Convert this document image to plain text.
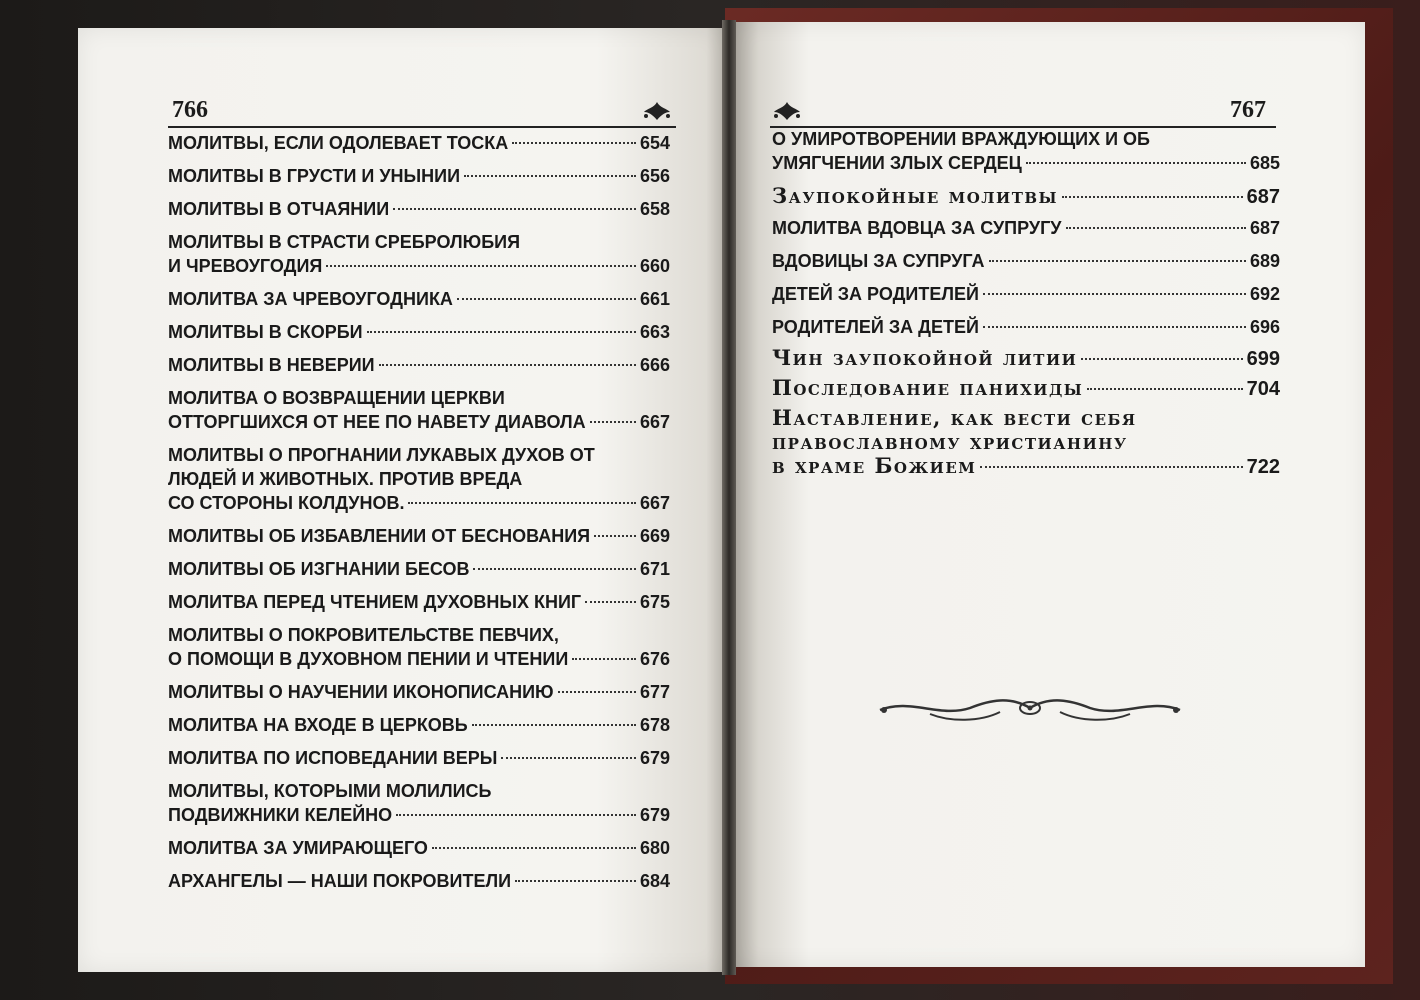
766	767
МОЛИТВЫ, ЕСЛИ ОДОЛЕВАЕТ ТОСКА	654
МОЛИТВЫ В ГРУСТИ И УНЫНИИ	656
МОЛИТВЫ В ОТЧАЯНИИ	658
МОЛИТВЫ В СТРАСТИ СРЕБРОЛЮБИЯ
И ЧРЕВОУГОДИЯ	660
МОЛИТВА ЗА ЧРЕВОУГОДНИКА	661
МОЛИТВЫ В СКОРБИ	663
МОЛИТВЫ В НЕВЕРИИ	666
МОЛИТВА О ВОЗВРАЩЕНИИ ЦЕРКВИ
ОТТОРГШИХСЯ ОТ НЕЕ ПО НАВЕТУ ДИАВОЛА	667
МОЛИТВЫ О ПРОГНАНИИ ЛУКАВЫХ ДУХОВ ОТ
ЛЮДЕЙ И ЖИВОТНЫХ. ПРОТИВ ВРЕДА
СО СТОРОНЫ КОЛДУНОВ.	667
МОЛИТВЫ ОБ ИЗБАВЛЕНИИ ОТ БЕСНОВАНИЯ	669
МОЛИТВЫ ОБ ИЗГНАНИИ БЕСОВ	671
МОЛИТВА ПЕРЕД ЧТЕНИЕМ ДУХОВНЫХ КНИГ	675
МОЛИТВЫ О ПОКРОВИТЕЛЬСТВЕ ПЕВЧИХ,
О ПОМОЩИ В ДУХОВНОМ ПЕНИИ И ЧТЕНИИ	676
МОЛИТВЫ О НАУЧЕНИИ ИКОНОПИСАНИЮ	677
МОЛИТВА НА ВХОДЕ В ЦЕРКОВЬ	678
МОЛИТВА ПО ИСПОВЕДАНИИ ВЕРЫ	679
МОЛИТВЫ, КОТОРЫМИ МОЛИЛИСЬ
ПОДВИЖНИКИ КЕЛЕЙНО	679
МОЛИТВА ЗА УМИРАЮЩЕГО	680
АРХАНГЕЛЫ — НАШИ ПОКРОВИТЕЛИ	684
О УМИРОТВОРЕНИИ ВРАЖДУЮЩИХ И ОБ
УМЯГЧЕНИИ ЗЛЫХ СЕРДЕЦ	685
Заупокойные молитвы	687
МОЛИТВА ВДОВЦА ЗА СУПРУГУ	687
ВДОВИЦЫ ЗА СУПРУГА	689
ДЕТЕЙ ЗА РОДИТЕЛЕЙ	692
РОДИТЕЛЕЙ ЗА ДЕТЕЙ	696
Чин заупокойной литии	699
Последование панихиды	704
Наставление, как вести себя
православному христианину
в храме Божием	722
